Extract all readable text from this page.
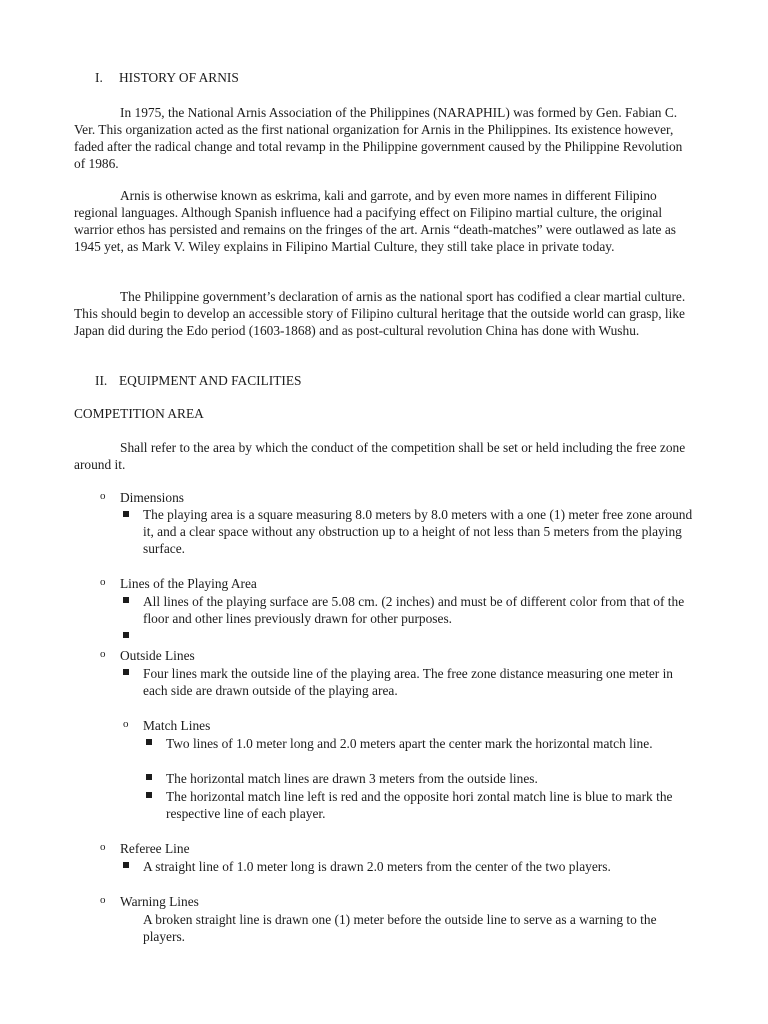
I. HISTORY OF ARNIS
In 1975, the National Arnis Association of the Philippines (NARAPHIL) was formed by Gen. Fabian C. Ver. This organization acted as the first national organization for Arnis in the Philippines. Its existence however, faded after the radical change and total revamp in the Philippine government caused by the Philippine Revolution of 1986.
Arnis is otherwise known as eskrima, kali and garrote, and by even more names in different Filipino regional languages. Although Spanish influence had a pacifying effect on Filipino martial culture, the original warrior ethos has persisted and remains on the fringes of the art. Arnis “death-matches” were outlawed as late as 1945 yet, as Mark V. Wiley explains in Filipino Martial Culture, they still take place in private today.
The Philippine government’s declaration of arnis as the national sport has codified a clear martial culture. This should begin to develop an accessible story of Filipino cultural heritage that the outside world can grasp, like Japan did during the Edo period (1603-1868) and as post-cultural revolution China has done with Wushu.
II. EQUIPMENT AND FACILITIES
COMPETITION AREA
Shall refer to the area by which the conduct of the competition shall be set or held including the free zone around it.
o Dimensions
The playing area is a square measuring 8.0 meters by 8.0 meters with a one (1) meter free zone around it, and a clear space without any obstruction up to a height of not less than 5 meters from the playing surface.
o Lines of the Playing Area
All lines of the playing surface are 5.08 cm. (2 inches) and must be of different color from that of the floor and other lines previously drawn for other purposes.
o Outside Lines
Four lines mark the outside line of the playing area. The free zone distance measuring one meter in each side are drawn outside of the playing area.
o Match Lines
Two lines of 1.0 meter long and 2.0 meters apart the center mark the horizontal match line.
The horizontal match lines are drawn 3 meters from the outside lines.
The horizontal match line left is red and the opposite hori zontal match line is blue to mark the respective line of each player.
o Referee Line
A straight line of 1.0 meter long is drawn 2.0 meters from the center of the two players.
o Warning Lines
A broken straight line is drawn one (1) meter before the outside line to serve as a warning to the players.
